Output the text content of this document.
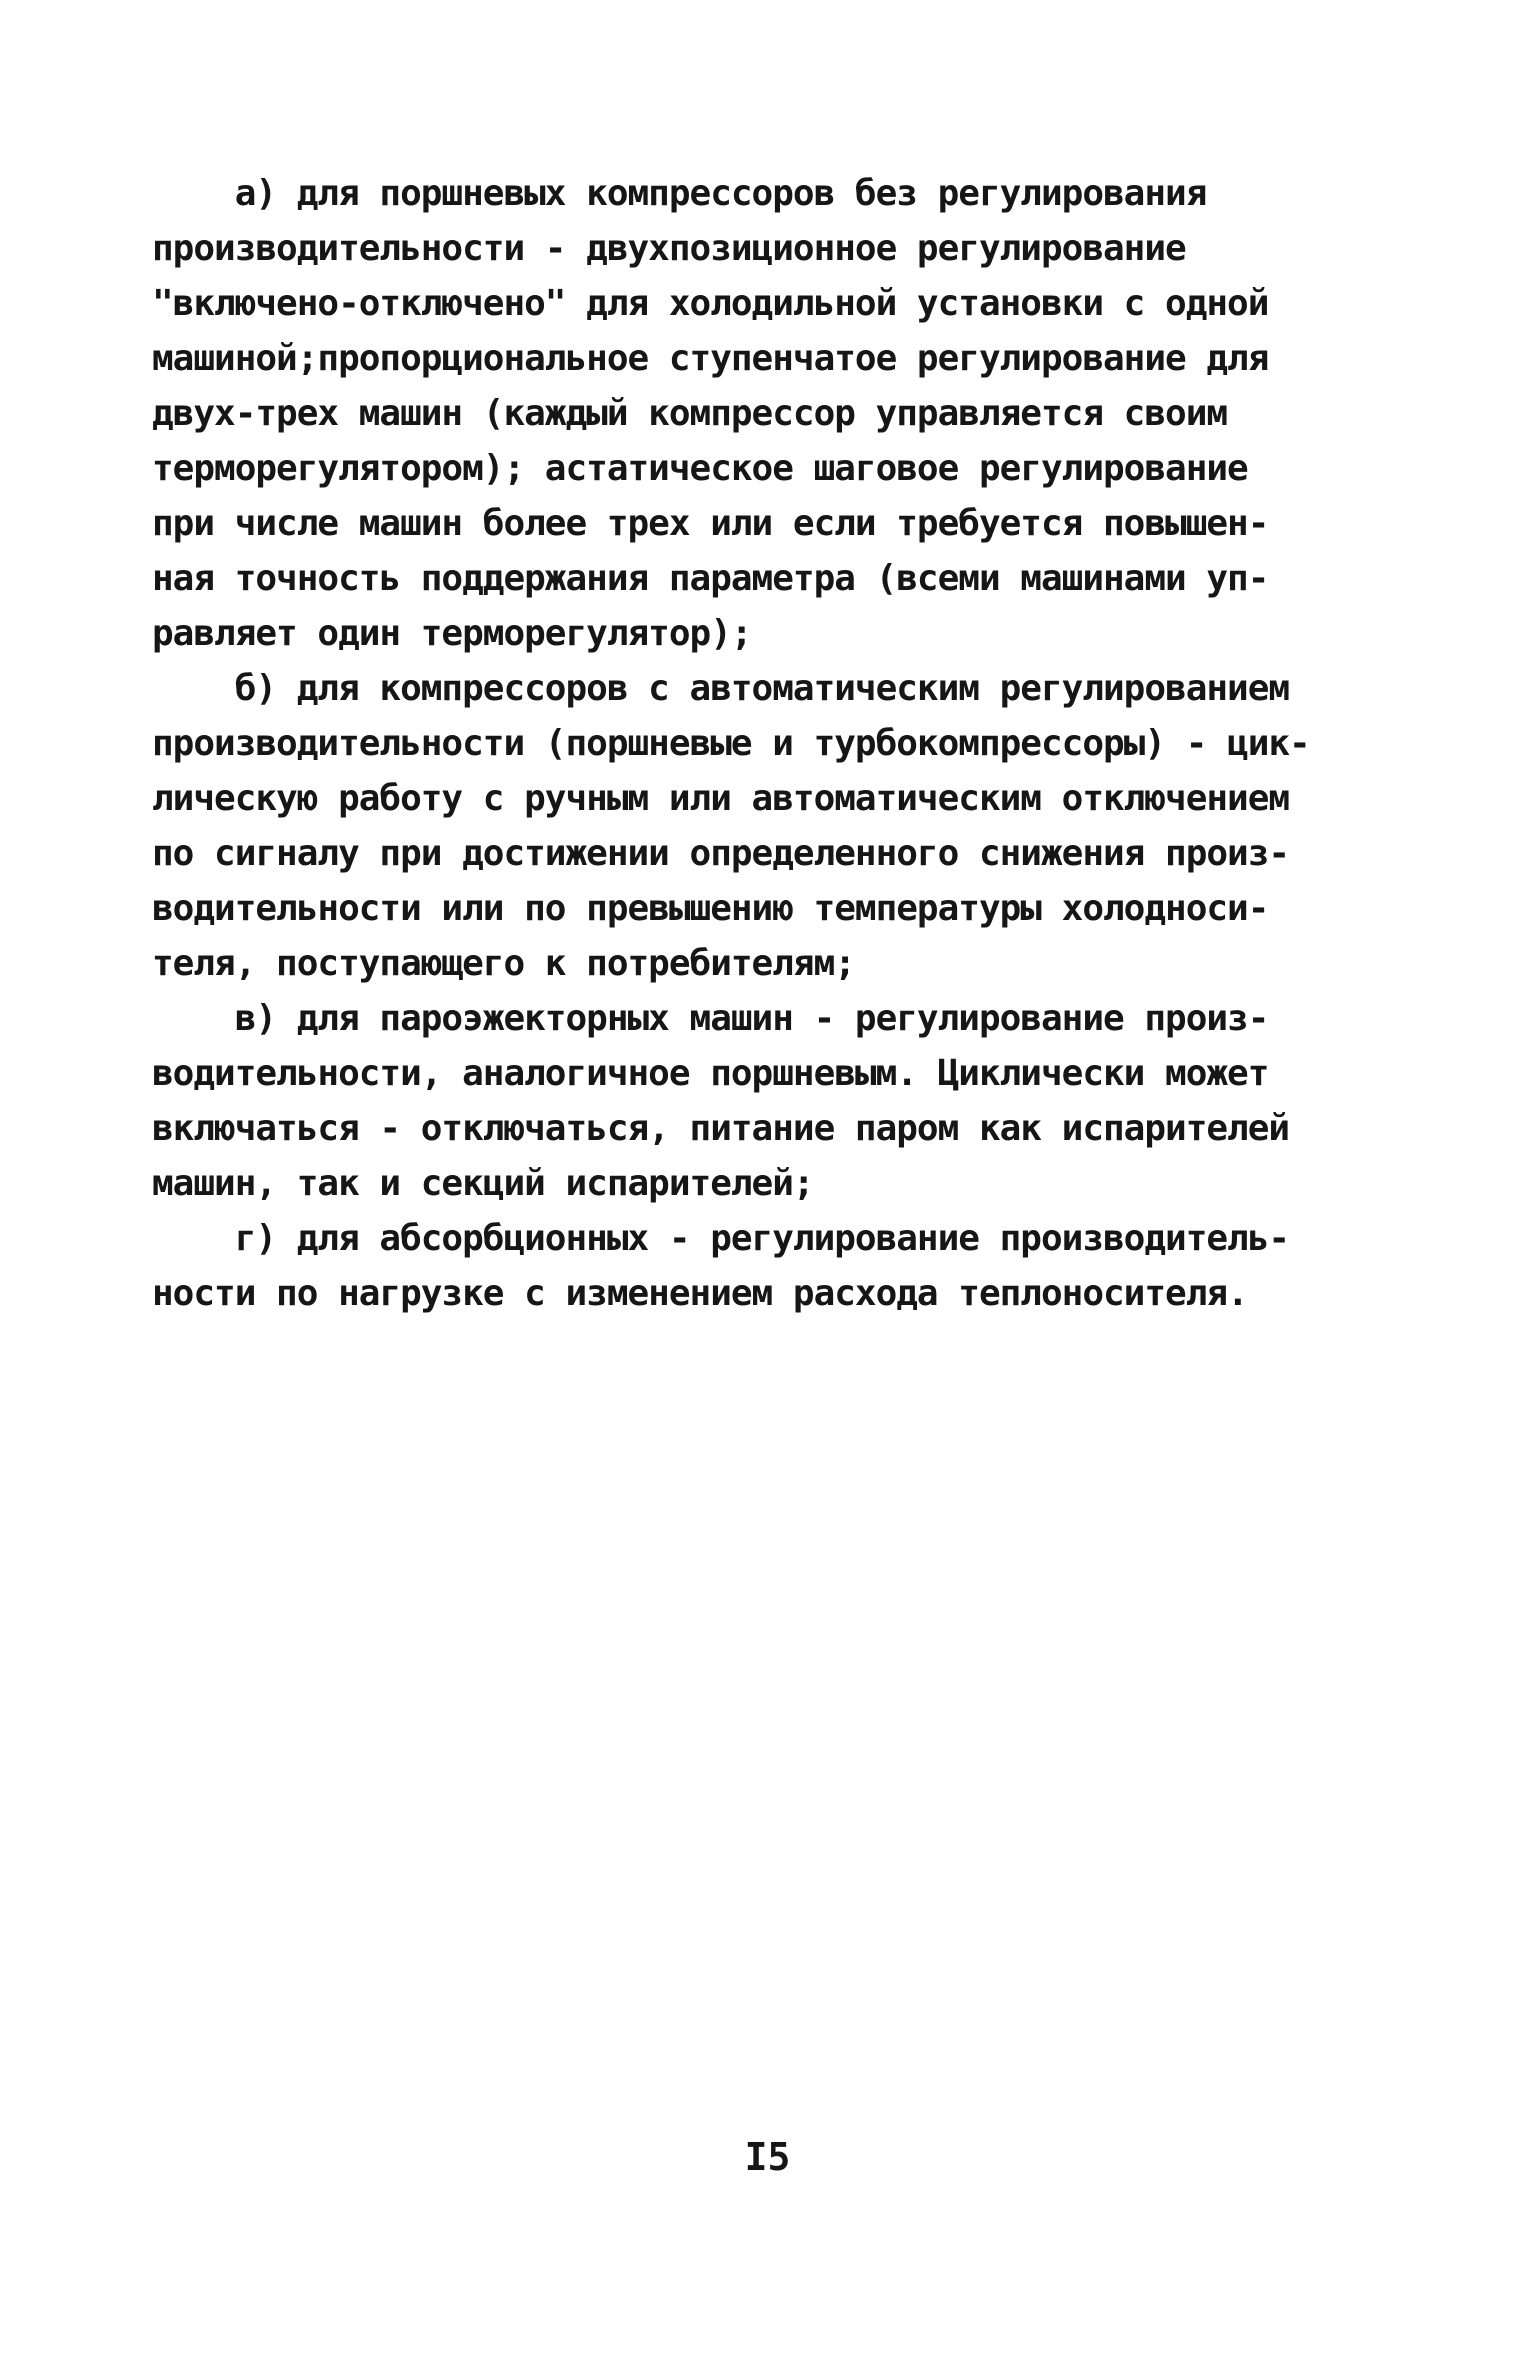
а) для поршневых компрессоров без регулирования
производительности - двухпозиционное регулирование
"включено-отключено" для холодильной установки с одной
машиной;пропорциональное ступенчатое регулирование для
двух-трех машин (каждый компрессор управляется своим
терморегулятором); астатическое шаговое регулирование
при числе машин более трех или если требуется повышен-
ная точность поддержания параметра (всеми машинами уп-
равляет один терморегулятор);
б) для компрессоров с автоматическим регулированием
производительности (поршневые и турбокомпрессоры) - цик-
лическую работу с ручным или автоматическим отключением
по сигналу при достижении определенного снижения произ-
водительности или по превышению температуры холодноси-
теля, поступающего к потребителям;
в) для пароэжекторных машин - регулирование произ-
водительности, аналогичное поршневым. Циклически может
включаться - отключаться, питание паром как испарителей
машин, так и секций испарителей;
г) для абсорбционных - регулирование производитель-
ности по нагрузке с изменением расхода теплоносителя.
I5
